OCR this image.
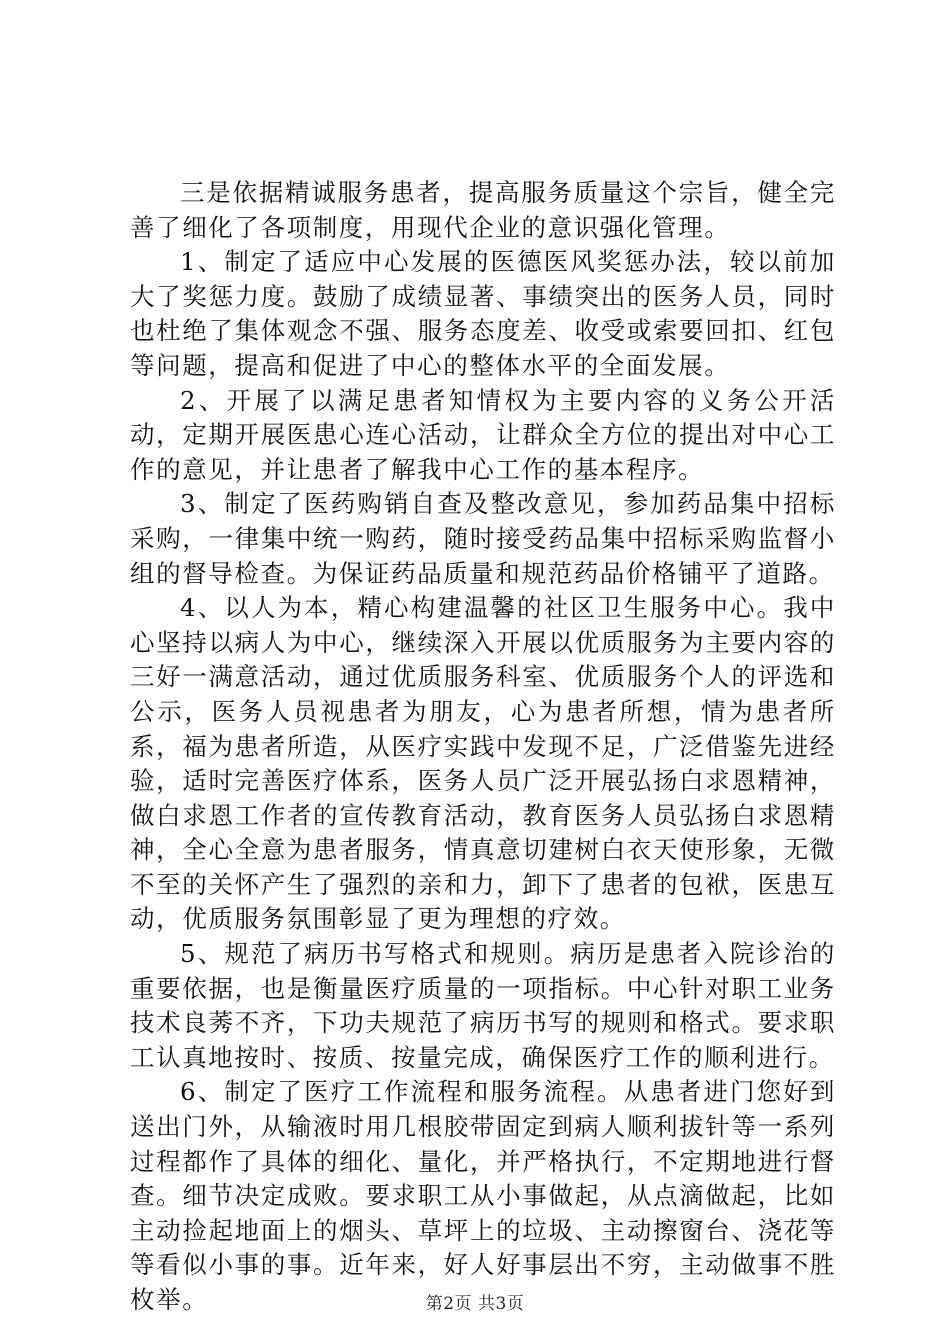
三是依据精诚服务患者，提高服务质量这个宗旨，健全完善了细化了各项制度，用现代企业的意识强化管理。

1、制定了适应中心发展的医德医风奖惩办法，较以前加大了奖惩力度。鼓励了成绩显著、事绩突出的医务人员，同时也杜绝了集体观念不强、服务态度差、收受或索要回扣、红包等问题，提高和促进了中心的整体水平的全面发展。

2、开展了以满足患者知情权为主要内容的义务公开活动，定期开展医患心连心活动，让群众全方位的提出对中心工作的意见，并让患者了解我中心工作的基本程序。

3、制定了医药购销自查及整改意见，参加药品集中招标采购，一律集中统一购药，随时接受药品集中招标采购监督小组的督导检查。为保证药品质量和规范药品价格铺平了道路。

4、以人为本，精心构建温馨的社区卫生服务中心。我中心坚持以病人为中心，继续深入开展以优质服务为主要内容的三好一满意活动，通过优质服务科室、优质服务个人的评选和公示，医务人员视患者为朋友，心为患者所想，情为患者所系，福为患者所造，从医疗实践中发现不足，广泛借鉴先进经验，适时完善医疗体系，医务人员广泛开展弘扬白求恩精神，做白求恩工作者的宣传教育活动，教育医务人员弘扬白求恩精神，全心全意为患者服务，情真意切建树白衣天使形象，无微不至的关怀产生了强烈的亲和力，卸下了患者的包袱，医患互动，优质服务氛围彰显了更为理想的疗效。

5、规范了病历书写格式和规则。病历是患者入院诊治的重要依据，也是衡量医疗质量的一项指标。中心针对职工业务技术良莠不齐，下功夫规范了病历书写的规则和格式。要求职工认真地按时、按质、按量完成，确保医疗工作的顺利进行。

6、制定了医疗工作流程和服务流程。从患者进门您好到送出门外，从输液时用几根胶带固定到病人顺利拔针等一系列过程都作了具体的细化、量化，并严格执行，不定期地进行督查。细节决定成败。要求职工从小事做起，从点滴做起，比如主动捡起地面上的烟头、草坪上的垃圾、主动擦窗台、浇花等等看似小事的事。近年来，好人好事层出不穷，主动做事不胜枚举。	第2页 共3页
